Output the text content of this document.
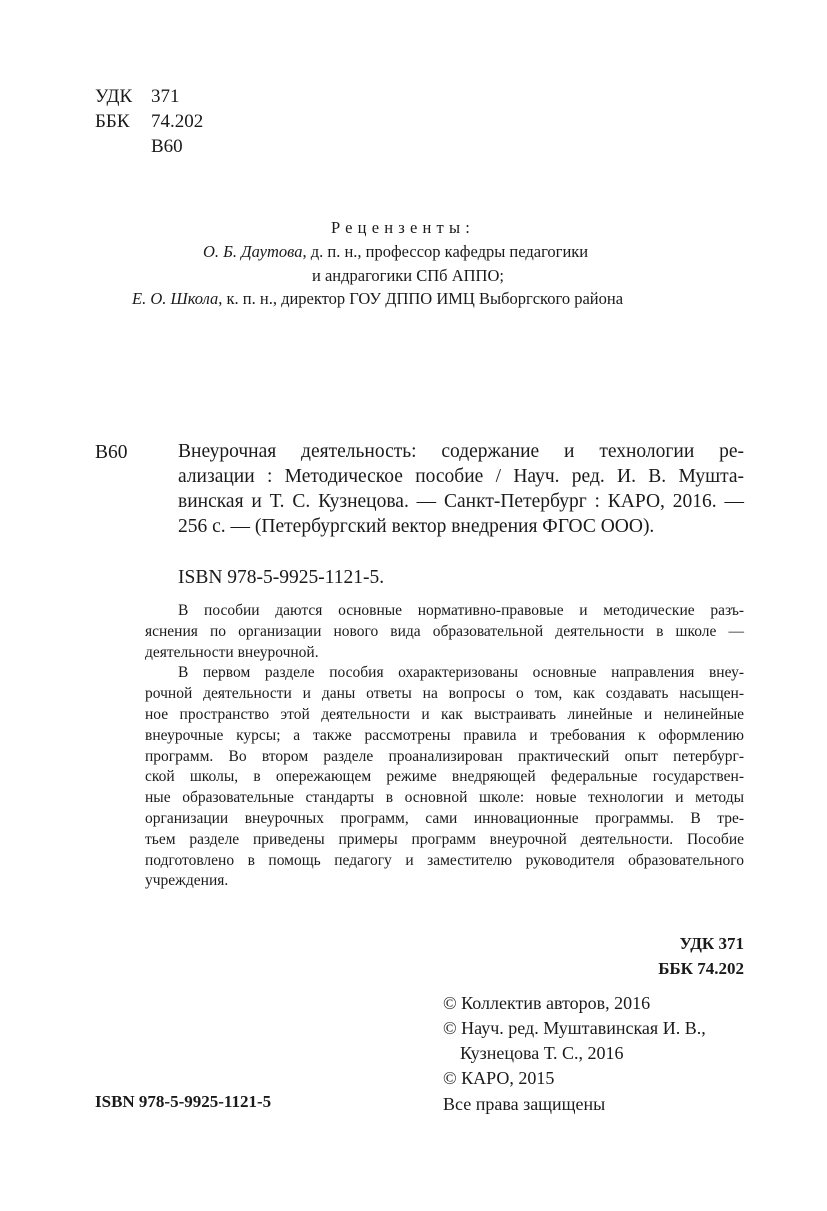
УДК 371
ББК 74.202
В60
Рецензенты:
О. Б. Даутова, д. п. н., профессор кафедры педагогики
и андрагогики СПб АППО;
Е. О. Школа, к. п. н., директор ГОУ ДППО ИМЦ Выборгского района
В60	Внеурочная деятельность: содержание и технологии ре-
ализации : Методическое пособие / Науч. ред. И. В. Мушта-
винская и Т. С. Кузнецова. — Санкт-Петербург : КАРО, 2016. —
256 с. — (Петербургский вектор внедрения ФГОС ООО).
ISBN 978-5-9925-1121-5.
В пособии даются основные нормативно-правовые и методические разъ-
яснения по организации нового вида образовательной деятельности в школе —
деятельности внеурочной.
В первом разделе пособия охарактеризованы основные направления внеу-
рочной деятельности и даны ответы на вопросы о том, как создавать насыщен-
ное пространство этой деятельности и как выстраивать линейные и нелинейные
внеурочные курсы; а также рассмотрены правила и требования к оформлению
программ. Во втором разделе проанализирован практический опыт петербург-
ской школы, в опережающем режиме внедряющей федеральные государствен-
ные образовательные стандарты в основной школе: новые технологии и методы
организации внеурочных программ, сами инновационные программы. В тре-
тьем разделе приведены примеры программ внеурочной деятельности. Пособие
подготовлено в помощь педагогу и заместителю руководителя образовательного
учреждения.
УДК 371
ББК 74.202
© Коллектив авторов, 2016
© Науч. ред. Муштавинская И. В.,
Кузнецова Т. С., 2016
© КАРО, 2015
Все права защищены
ISBN 978-5-9925-1121-5
